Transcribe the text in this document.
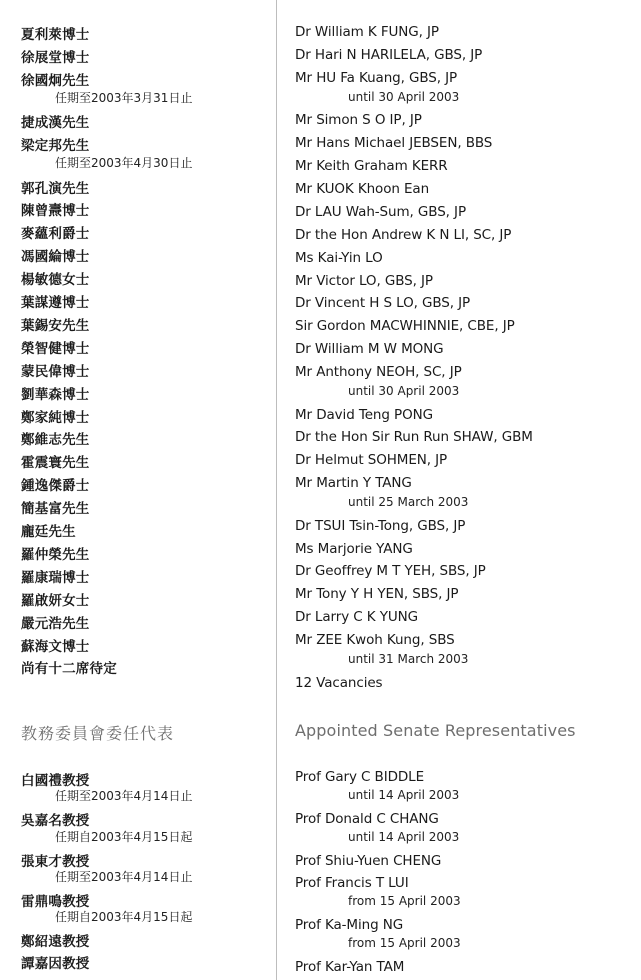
夏利萊博士
徐展堂博士
徐國炯先生
任期至2003年3月31日止
捷成漢先生
梁定邦先生
任期至2003年4月30日止
郭孔演先生
陳曾燾博士
麥蘊利爵士
馮國綸博士
楊敏德女士
葉謀遵博士
葉錫安先生
榮智健博士
蒙民偉博士
劉華森博士
鄭家純博士
鄭維志先生
霍震寰先生
鍾逸傑爵士
簡基富先生
龐廷先生
羅仲榮先生
羅康瑞博士
羅啟妍女士
嚴元浩先生
蘇海文博士
尚有十二席待定
教務委員會委任代表
白國禮教授
任期至2003年4月14日止
吳嘉名教授
任期自2003年4月15日起
張東才教授
任期至2003年4月14日止
雷鼎鳴教授
任期自2003年4月15日起
鄭紹遠教授
譚嘉因教授
Dr William K FUNG, JP
Dr Hari N HARILELA, GBS, JP
Mr HU Fa Kuang, GBS, JP
until 30 April 2003
Mr Simon S O IP, JP
Mr Hans Michael JEBSEN, BBS
Mr Keith Graham KERR
Mr KUOK Khoon Ean
Dr LAU Wah-Sum, GBS, JP
Dr the Hon Andrew K N LI, SC, JP
Ms Kai-Yin LO
Mr Victor LO, GBS, JP
Dr Vincent H S LO, GBS, JP
Sir Gordon MACWHINNIE, CBE, JP
Dr William M W MONG
Mr Anthony NEOH, SC, JP
until 30 April 2003
Mr David Teng PONG
Dr the Hon Sir Run Run SHAW, GBM
Dr Helmut SOHMEN, JP
Mr Martin Y TANG
until 25 March 2003
Dr TSUI Tsin-Tong, GBS, JP
Ms Marjorie YANG
Dr Geoffrey M T YEH, SBS, JP
Mr Tony Y H YEN, SBS, JP
Dr Larry C K YUNG
Mr ZEE Kwoh Kung, SBS
until 31 March 2003
12 Vacancies
Appointed Senate Representatives
Prof Gary C BIDDLE
until 14 April 2003
Prof Donald C CHANG
until 14 April 2003
Prof Shiu-Yuen CHENG
Prof Francis T LUI
from 15 April 2003
Prof Ka-Ming NG
from 15 April 2003
Prof Kar-Yan TAM
